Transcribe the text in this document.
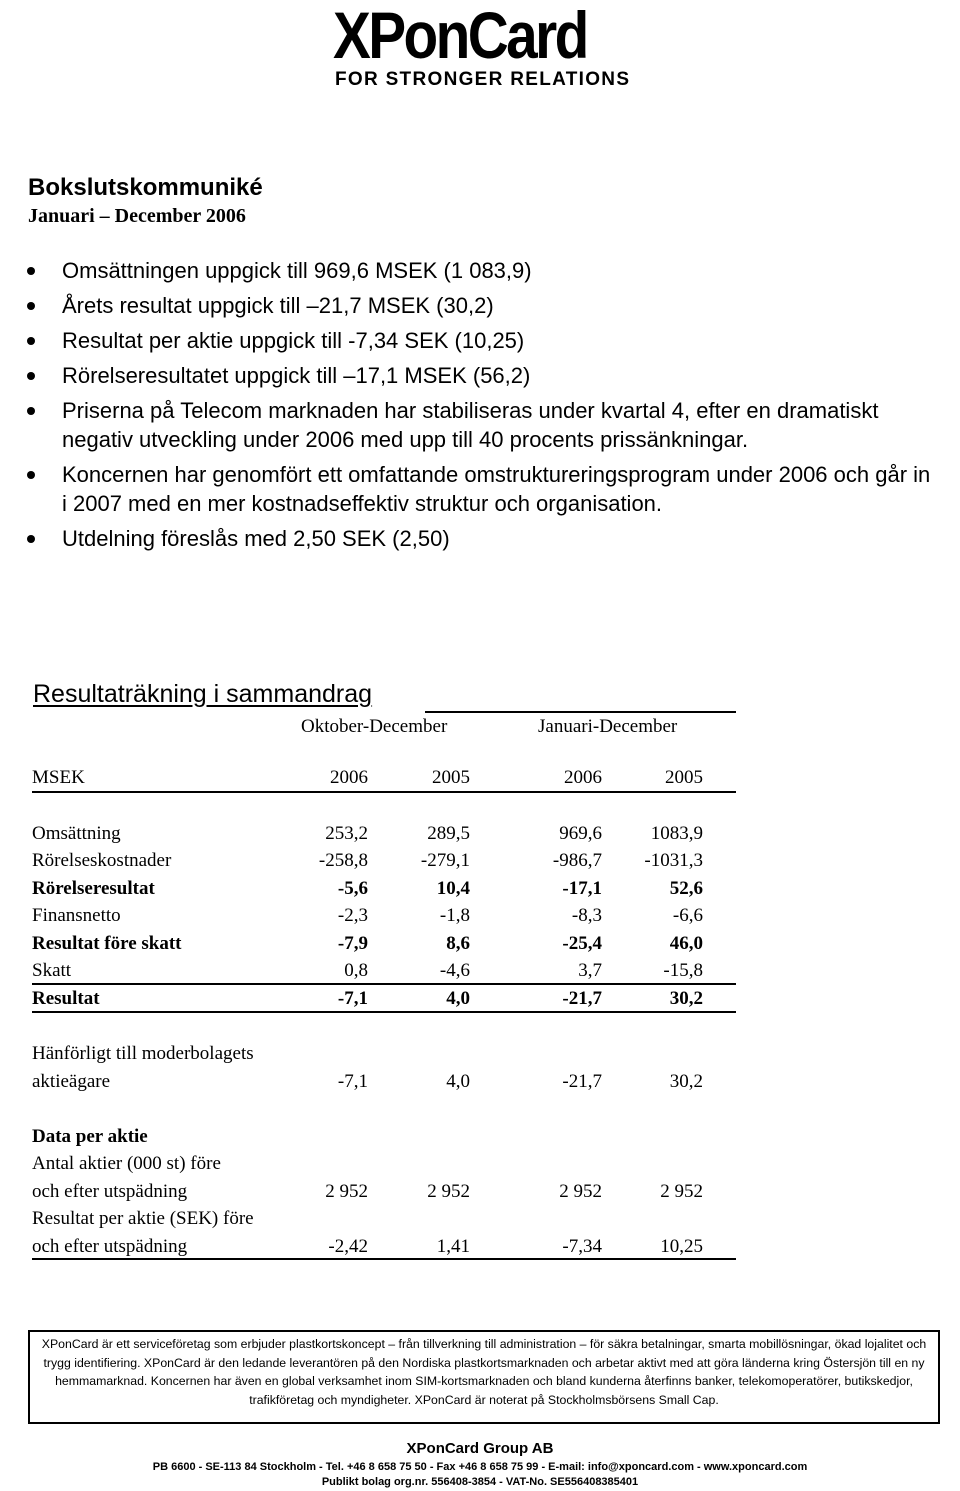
XPonCard
FOR STRONGER RELATIONS
Bokslutskommuniké
Januari – December 2006
Omsättningen uppgick till 969,6 MSEK (1 083,9)
Årets resultat uppgick till –21,7 MSEK (30,2)
Resultat per aktie uppgick till -7,34 SEK (10,25)
Rörelseresultatet uppgick till –17,1 MSEK (56,2)
Priserna på Telecom marknaden har stabiliseras under kvartal 4, efter en dramatiskt negativ utveckling under 2006 med upp till 40 procents prissänkningar.
Koncernen har genomfört ett omfattande omstruktureringsprogram under 2006 och går in i 2007 med en mer kostnadseffektiv struktur och organisation.
Utdelning föreslås med 2,50 SEK (2,50)
Resultaträkning i sammandrag
Oktober-December	Januari-December
MSEK	2006	2005	2006	2005
Omsättning	253,2	289,5	969,6	1083,9
Rörelseskostnader	-258,8	-279,1	-986,7	-1031,3
Rörelseresultat	-5,6	10,4	-17,1	52,6
Finansnetto	-2,3	-1,8	-8,3	-6,6
Resultat före skatt	-7,9	8,6	-25,4	46,0
Skatt	0,8	-4,6	3,7	-15,8
Resultat	-7,1	4,0	-21,7	30,2
Hänförligt till moderbolagets
aktieägare	-7,1	4,0	-21,7	30,2
Data per aktie
Antal aktier (000 st) före
och efter utspädning	2 952	2 952	2 952	2 952
Resultat per aktie (SEK) före
och efter utspädning	-2,42	1,41	-7,34	10,25
XPonCard är ett serviceföretag som erbjuder plastkortskoncept – från tillverkning till administration – för säkra betalningar, smarta mobillösningar, ökad lojalitet och trygg identifiering. XPonCard är den ledande leverantören på den Nordiska plastkortsmarknaden och arbetar aktivt med att göra länderna kring Östersjön till en ny hemmamarknad. Koncernen har även en global verksamhet inom SIM-kortsmarknaden och bland kunderna återfinns banker, telekomoperatörer, butikskedjor, trafikföretag och myndigheter. XPonCard är noterat på Stockholmsbörsens Small Cap.
XPonCard Group AB
PB 6600 - SE-113 84 Stockholm - Tel. +46 8 658 75 50 - Fax +46 8 658 75 99 - E-mail: info@xponcard.com - www.xponcard.com
Publikt bolag org.nr. 556408-3854 - VAT-No. SE556408385401
